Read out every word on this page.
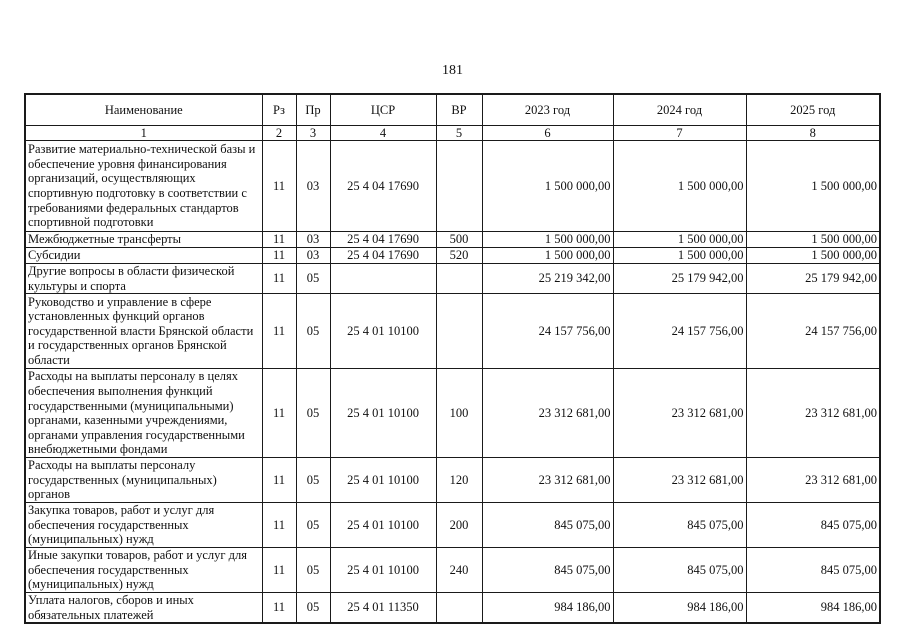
181
Наименование	Рз	Пр	ЦСР	ВР	2023 год	2024 год	2025 год
1	2	3	4	5	6	7	8
Развитие материально-технической базы и обеспечение уровня финансирования организаций, осуществляющих спортивную подготовку в соответствии с требованиями федеральных стандартов спортивной подготовки	11	03	25 4 04 17690		1 500 000,00	1 500 000,00	1 500 000,00
Межбюджетные трансферты	11	03	25 4 04 17690	500	1 500 000,00	1 500 000,00	1 500 000,00
Субсидии	11	03	25 4 04 17690	520	1 500 000,00	1 500 000,00	1 500 000,00
Другие вопросы в области физической культуры и спорта	11	05			25 219 342,00	25 179 942,00	25 179 942,00
Руководство и управление в сфере установленных функций органов государственной власти Брянской области и государственных органов Брянской области	11	05	25 4 01 10100		24 157 756,00	24 157 756,00	24 157 756,00
Расходы на выплаты персоналу в целях обеспечения выполнения функций государственными (муниципальными) органами, казенными учреждениями, органами управления государственными внебюджетными фондами	11	05	25 4 01 10100	100	23 312 681,00	23 312 681,00	23 312 681,00
Расходы на выплаты персоналу государственных (муниципальных) органов	11	05	25 4 01 10100	120	23 312 681,00	23 312 681,00	23 312 681,00
Закупка товаров, работ и услуг для обеспечения государственных (муниципальных) нужд	11	05	25 4 01 10100	200	845 075,00	845 075,00	845 075,00
Иные закупки товаров, работ и услуг для обеспечения государственных (муниципальных) нужд	11	05	25 4 01 10100	240	845 075,00	845 075,00	845 075,00
Уплата налогов, сборов и иных обязательных платежей	11	05	25 4 01 11350		984 186,00	984 186,00	984 186,00
